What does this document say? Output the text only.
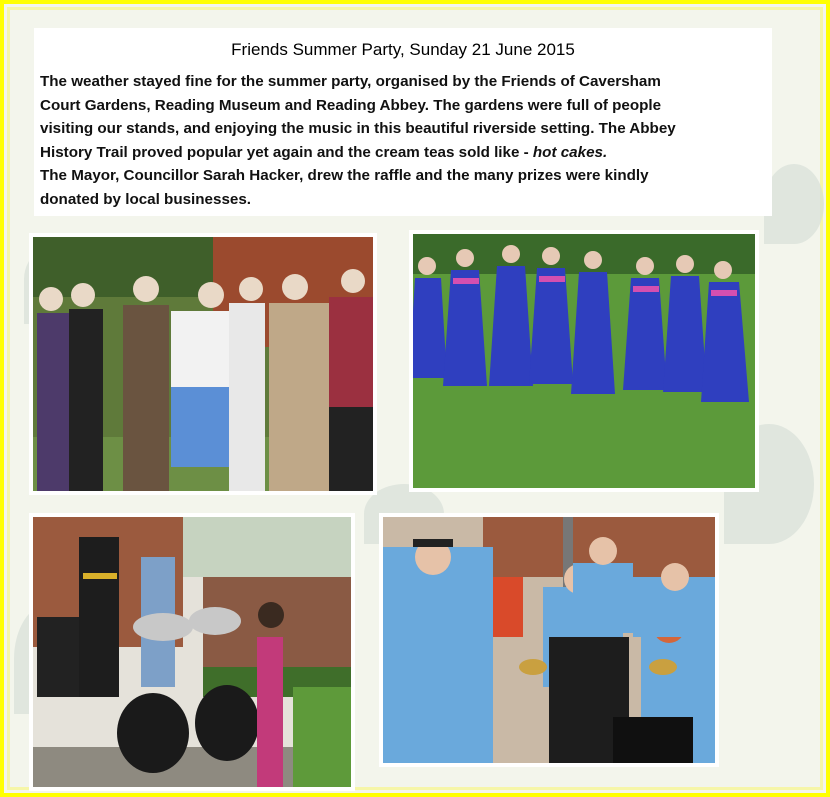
Friends Summer Party, Sunday 21 June 2015
The weather stayed fine for the summer party, organised by the Friends of Caversham
Court Gardens, Reading Museum and Reading Abbey. The gardens were full of people
visiting our stands, and enjoying the music in this beautiful riverside setting. The Abbey
History Trail proved popular yet again and the cream teas sold like - hot cakes.
The Mayor, Councillor Sarah Hacker, drew the raffle and the many prizes were kindly
donated by local businesses.
